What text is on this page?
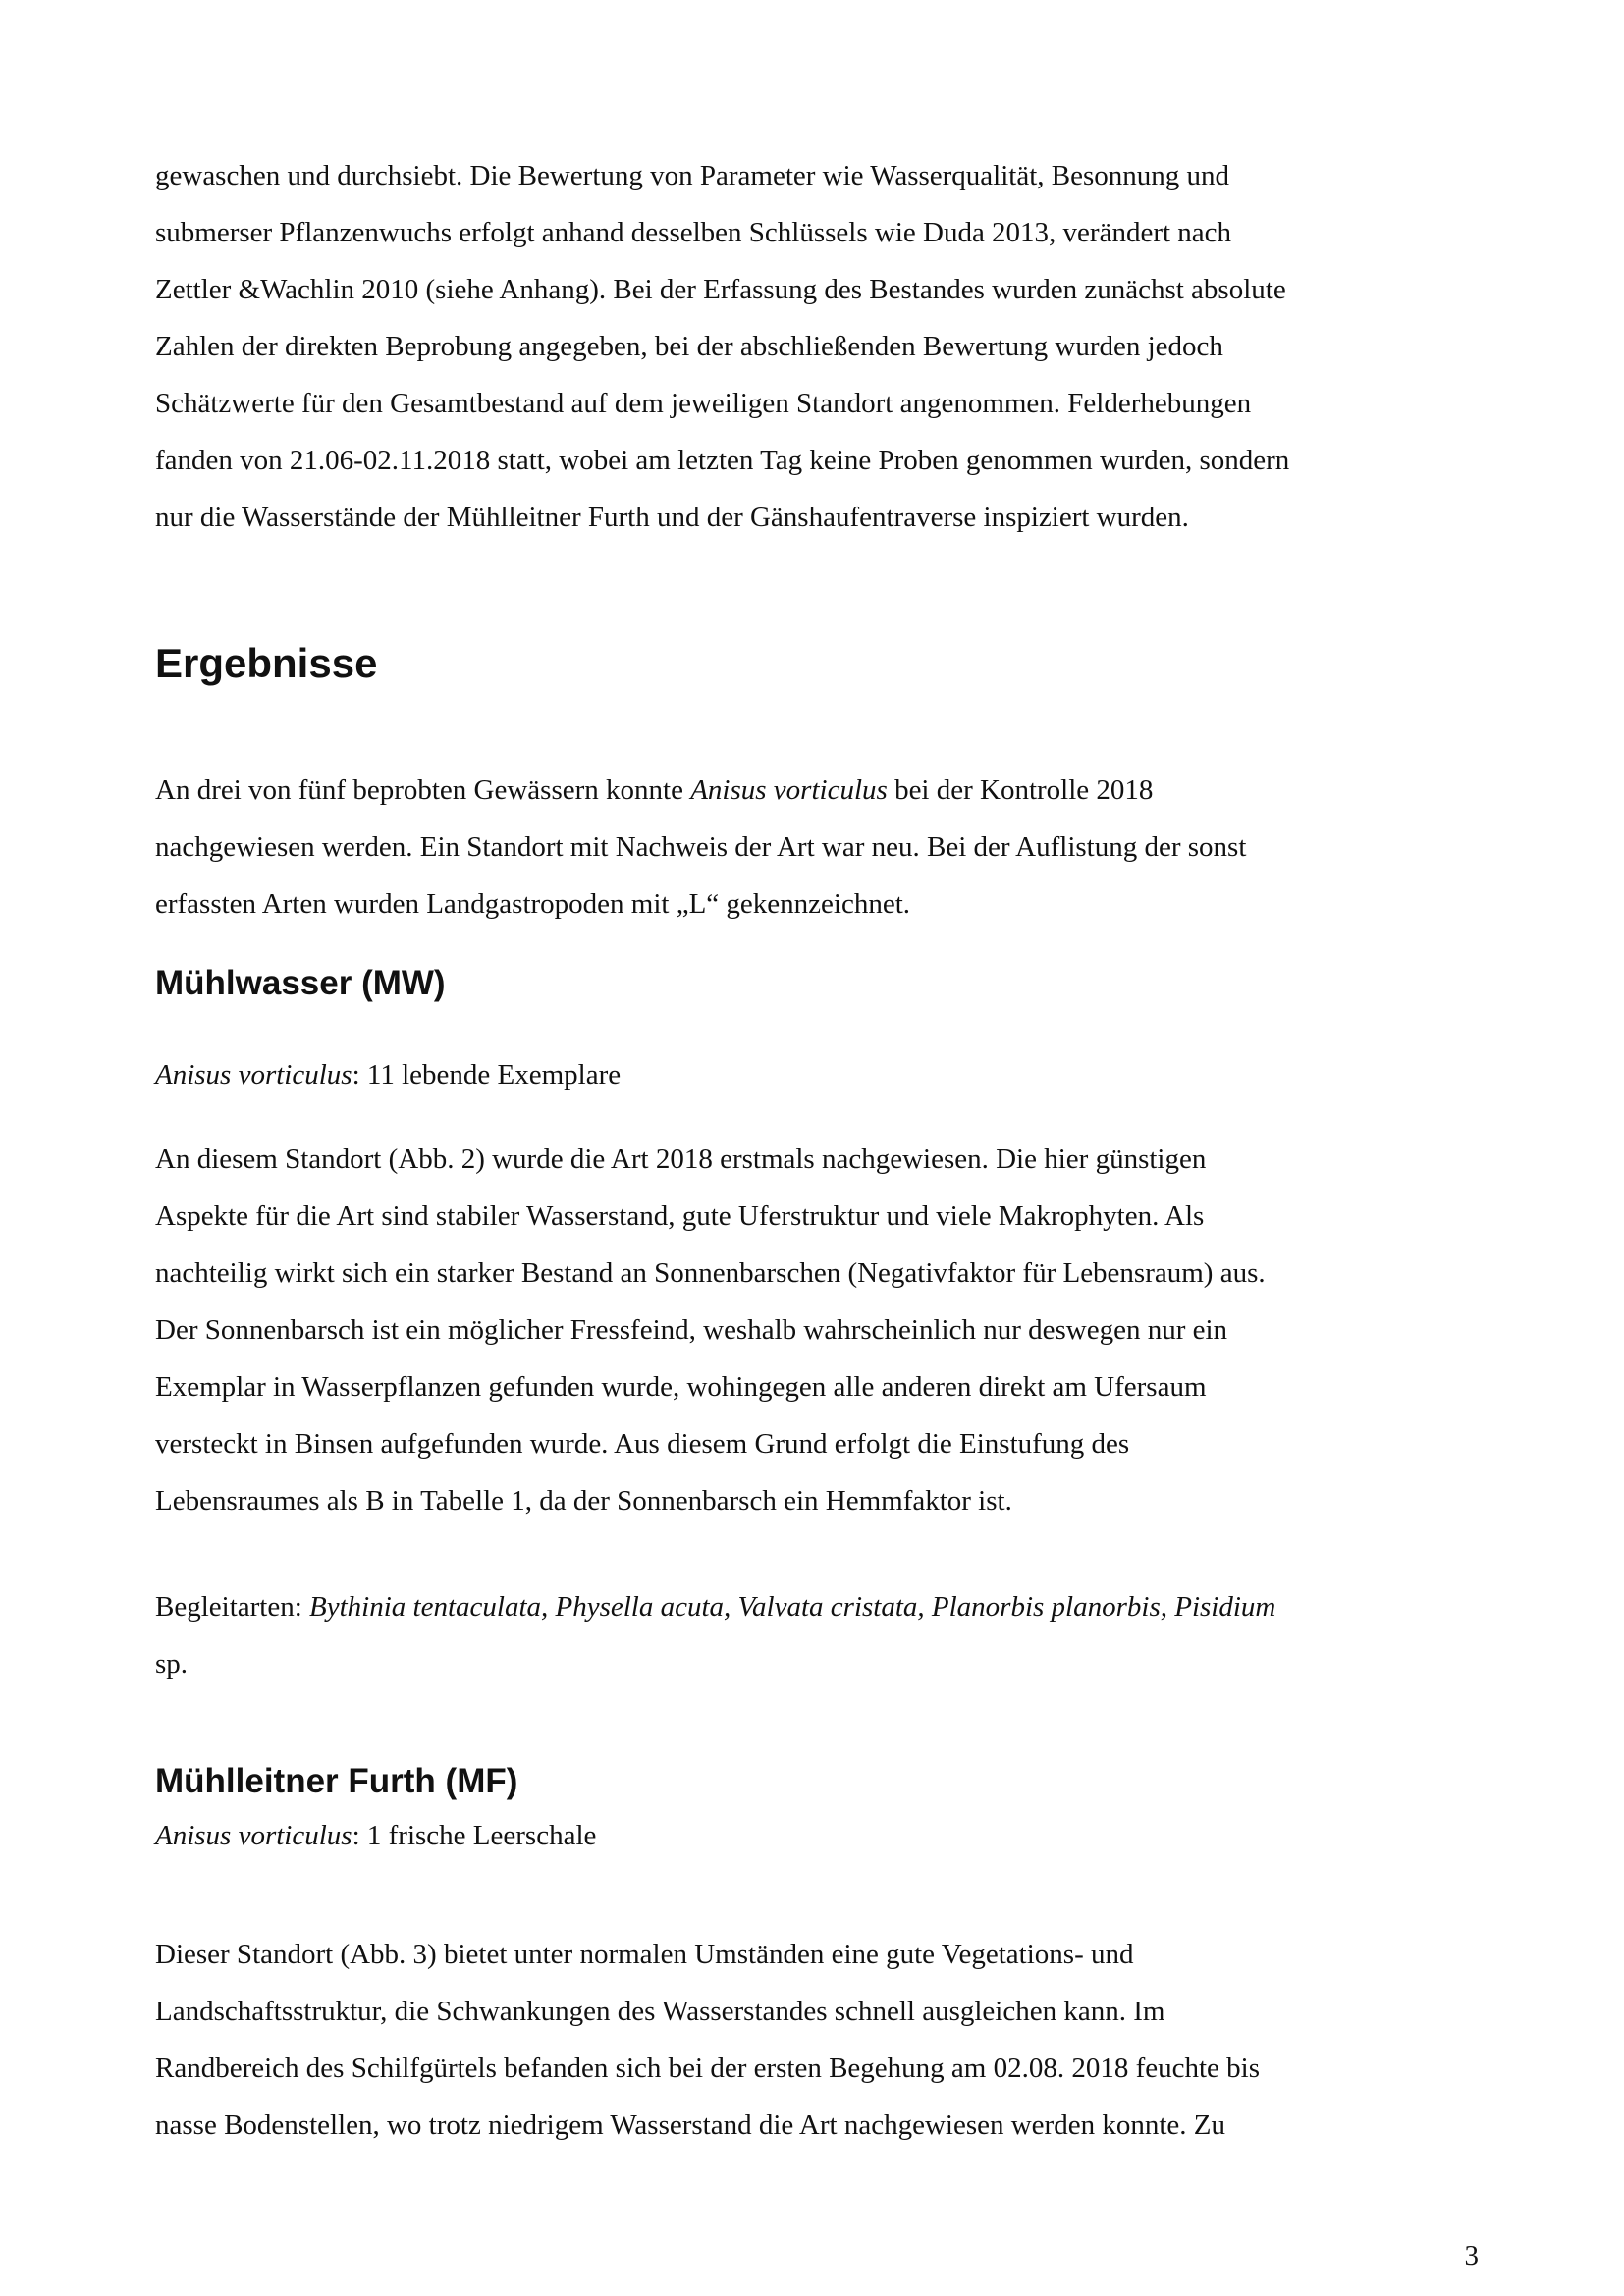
gewaschen und durchsiebt. Die Bewertung von Parameter wie Wasserqualität, Besonnung und
submerser Pflanzenwuchs erfolgt anhand desselben Schlüssels wie Duda 2013, verändert nach
Zettler &Wachlin 2010 (siehe Anhang). Bei der Erfassung des Bestandes wurden zunächst absolute
Zahlen der direkten Beprobung angegeben, bei der abschließenden Bewertung wurden jedoch
Schätzwerte für den Gesamtbestand auf dem jeweiligen Standort angenommen. Felderhebungen
fanden von 21.06-02.11.2018 statt, wobei am letzten Tag keine Proben genommen wurden, sondern
nur die Wasserstände der Mühlleitner Furth und der Gänshaufentraverse inspiziert wurden.

Ergebnisse

An drei von fünf beprobten Gewässern konnte Anisus vorticulus bei der Kontrolle 2018
nachgewiesen werden. Ein Standort mit Nachweis der Art war neu. Bei der Auflistung der sonst
erfassten Arten wurden Landgastropoden mit „L“ gekennzeichnet.

Mühlwasser (MW)

Anisus vorticulus: 11 lebende Exemplare

An diesem Standort (Abb. 2) wurde die Art 2018 erstmals nachgewiesen. Die hier günstigen
Aspekte für die Art sind stabiler Wasserstand, gute Uferstruktur und viele Makrophyten. Als
nachteilig wirkt sich ein starker Bestand an Sonnenbarschen (Negativfaktor für Lebensraum) aus.
Der Sonnenbarsch ist ein möglicher Fressfeind, weshalb wahrscheinlich nur deswegen nur ein
Exemplar in Wasserpflanzen gefunden wurde, wohingegen alle anderen direkt am Ufersaum
versteckt in Binsen aufgefunden wurde. Aus diesem Grund erfolgt die Einstufung des
Lebensraumes als B in Tabelle 1, da der Sonnenbarsch ein Hemmfaktor ist.

Begleitarten: Bythinia tentaculata, Physella acuta, Valvata cristata, Planorbis planorbis, Pisidium
sp.

Mühlleitner Furth (MF)

Anisus vorticulus: 1 frische Leerschale

Dieser Standort (Abb. 3) bietet unter normalen Umständen eine gute Vegetations- und
Landschaftsstruktur, die Schwankungen des Wasserstandes schnell ausgleichen kann. Im
Randbereich des Schilfgürtels befanden sich bei der ersten Begehung am 02.08. 2018 feuchte bis
nasse Bodenstellen, wo trotz niedrigem Wasserstand die Art nachgewiesen werden konnte. Zu

3
